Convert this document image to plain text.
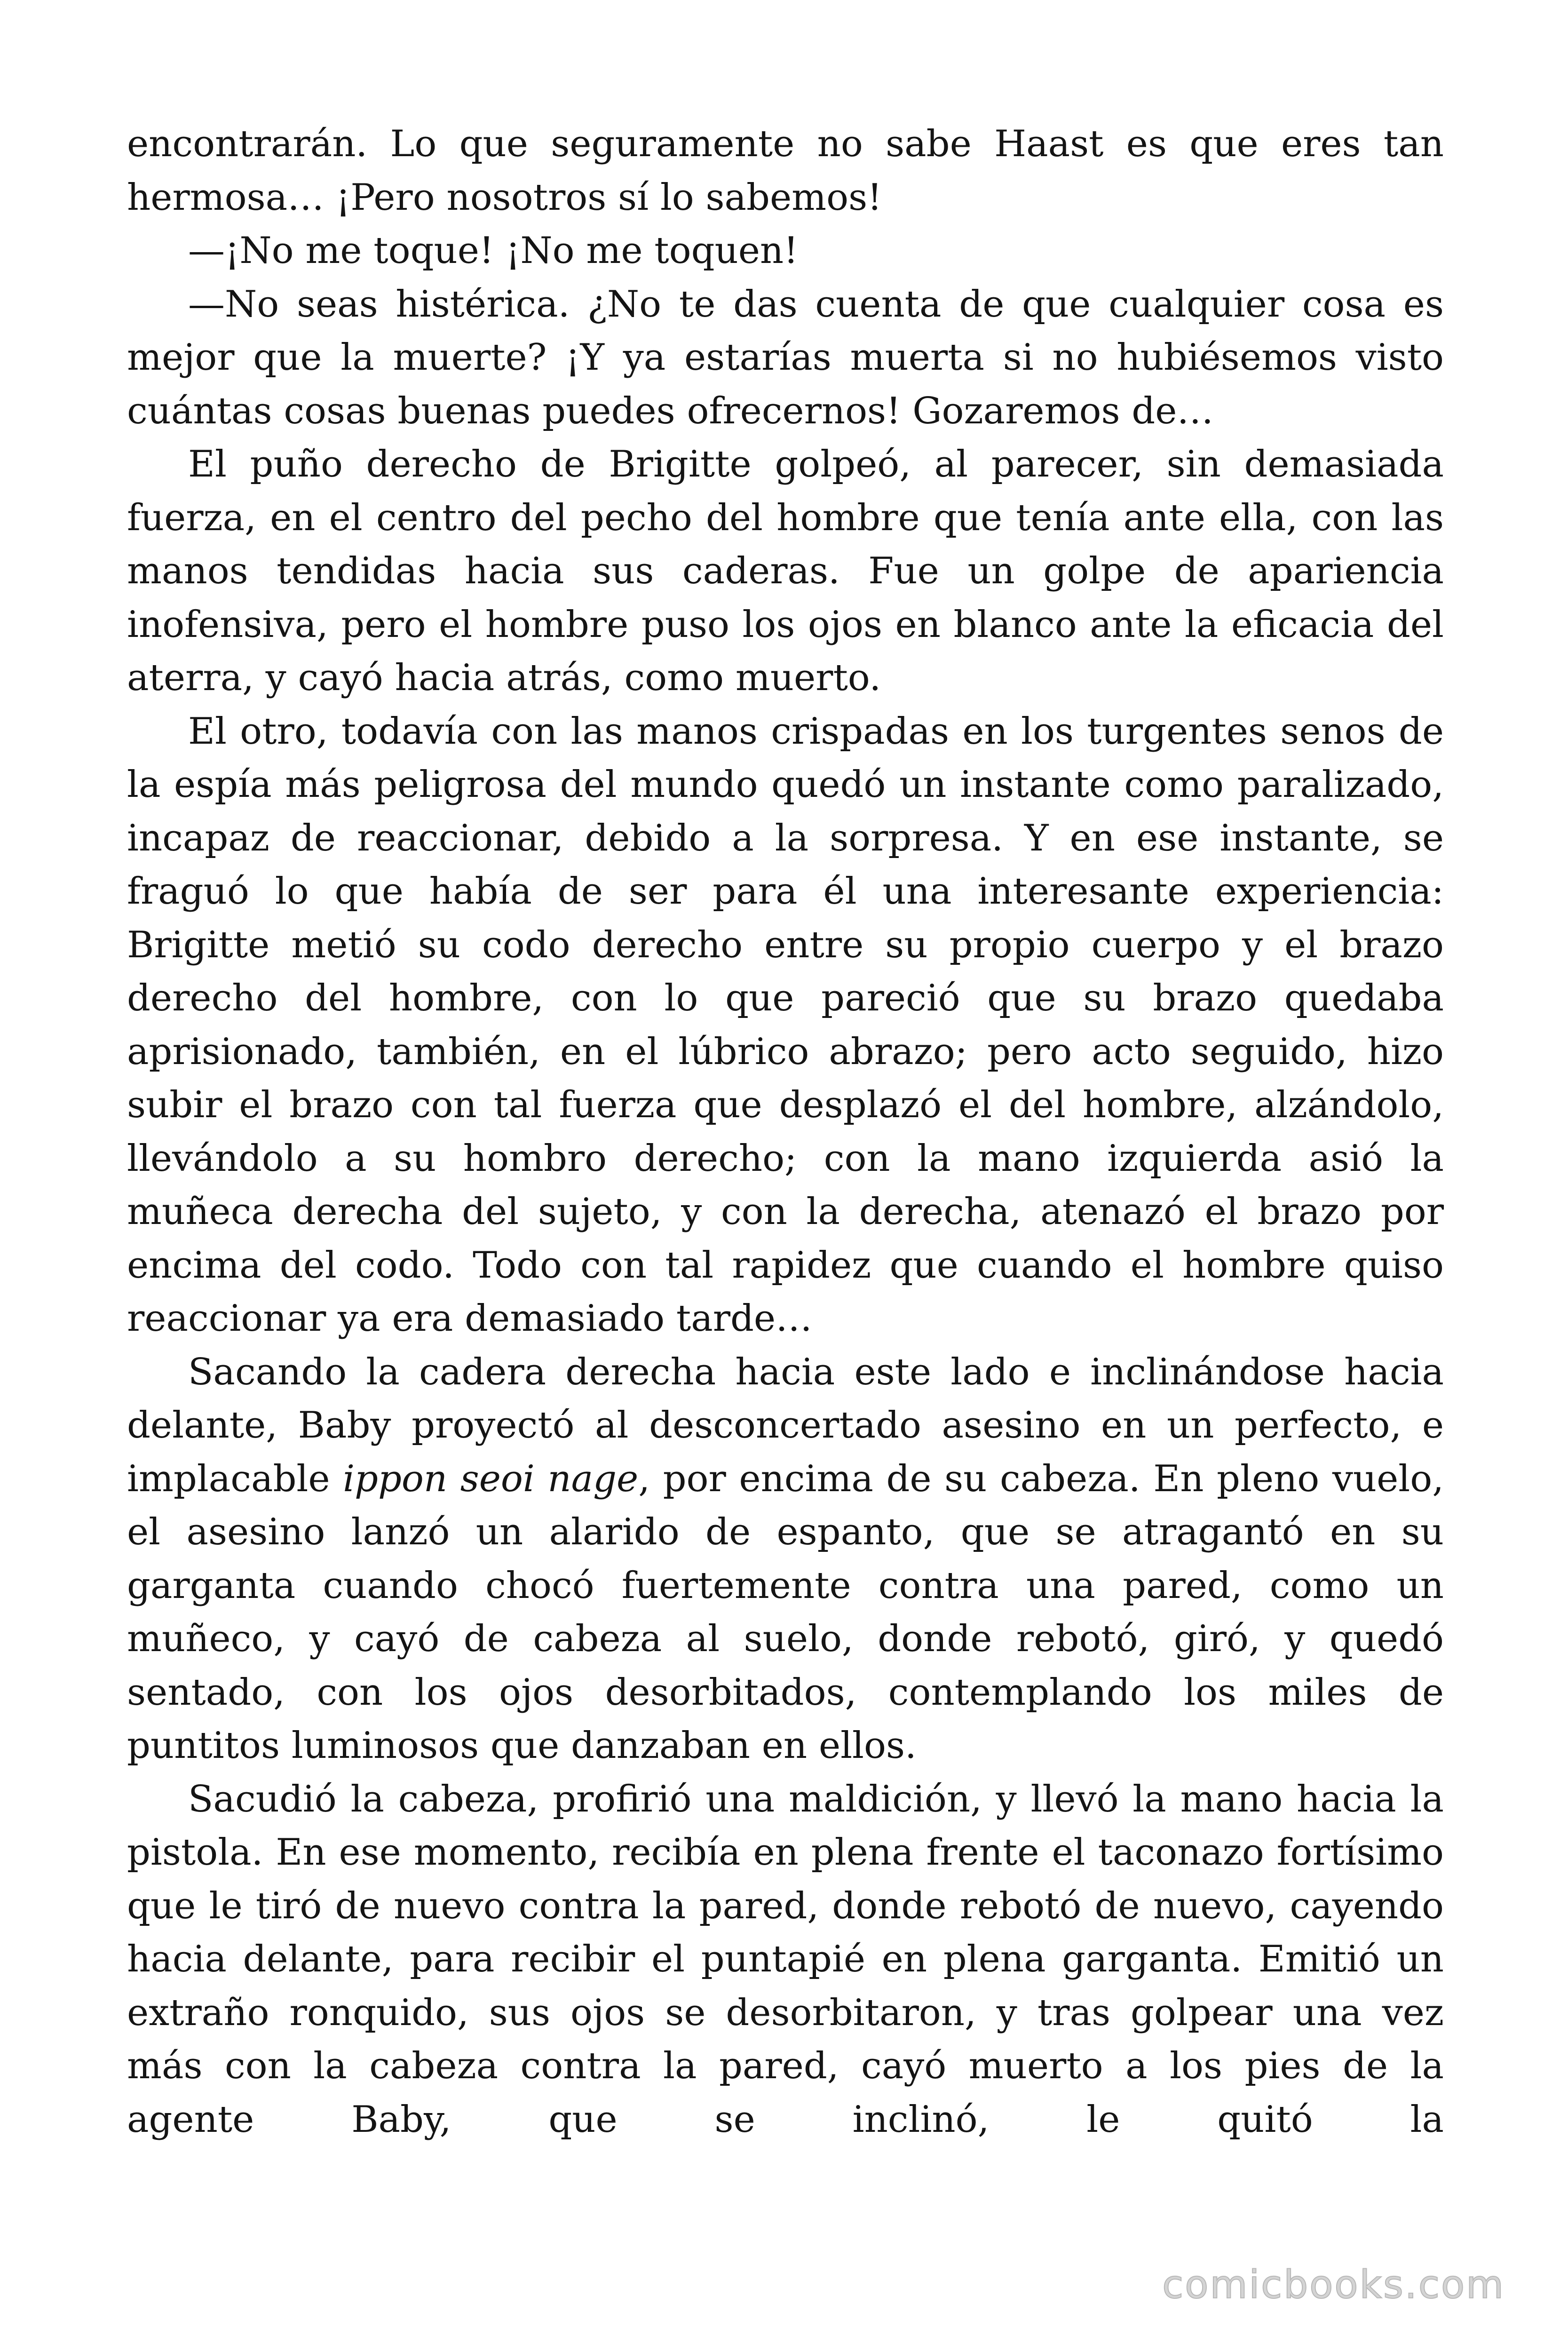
encontrarán. Lo que seguramente no sabe Haast es que eres tan hermosa… ¡Pero nosotros sí lo sabemos!

—¡No me toque! ¡No me toquen!

—No seas histérica. ¿No te das cuenta de que cualquier cosa es mejor que la muerte? ¡Y ya estarías muerta si no hubiésemos visto cuántas cosas buenas puedes ofrecernos! Gozaremos de…

El puño derecho de Brigitte golpeó, al parecer, sin demasiada fuerza, en el centro del pecho del hombre que tenía ante ella, con las manos tendidas hacia sus caderas. Fue un golpe de apariencia inofensiva, pero el hombre puso los ojos en blanco ante la eficacia del aterra, y cayó hacia atrás, como muerto.

El otro, todavía con las manos crispadas en los turgentes senos de la espía más peligrosa del mundo quedó un instante como paralizado, incapaz de reaccionar, debido a la sorpresa. Y en ese instante, se fraguó lo que había de ser para él una interesante experiencia: Brigitte metió su codo derecho entre su propio cuerpo y el brazo derecho del hombre, con lo que pareció que su brazo quedaba aprisionado, también, en el lúbrico abrazo; pero acto seguido, hizo subir el brazo con tal fuerza que desplazó el del hombre, alzándolo, llevándolo a su hombro derecho; con la mano izquierda asió la muñeca derecha del sujeto, y con la derecha, atenazó el brazo por encima del codo. Todo con tal rapidez que cuando el hombre quiso reaccionar ya era demasiado tarde…

Sacando la cadera derecha hacia este lado e inclinándose hacia delante, Baby proyectó al desconcertado asesino en un perfecto, e implacable ippon seoi nage, por encima de su cabeza. En pleno vuelo, el asesino lanzó un alarido de espanto, que se atragantó en su garganta cuando chocó fuertemente contra una pared, como un muñeco, y cayó de cabeza al suelo, donde rebotó, giró, y quedó sentado, con los ojos desorbitados, contemplando los miles de puntitos luminosos que danzaban en ellos.

Sacudió la cabeza, profirió una maldición, y llevó la mano hacia la pistola. En ese momento, recibía en plena frente el taconazo fortísimo que le tiró de nuevo contra la pared, donde rebotó de nuevo, cayendo hacia delante, para recibir el puntapié en plena garganta. Emitió un extraño ronquido, sus ojos se desorbitaron, y tras golpear una vez más con la cabeza contra la pared, cayó muerto a los pies de la agente Baby, que se inclinó, le quitó la

comicbooks.com
